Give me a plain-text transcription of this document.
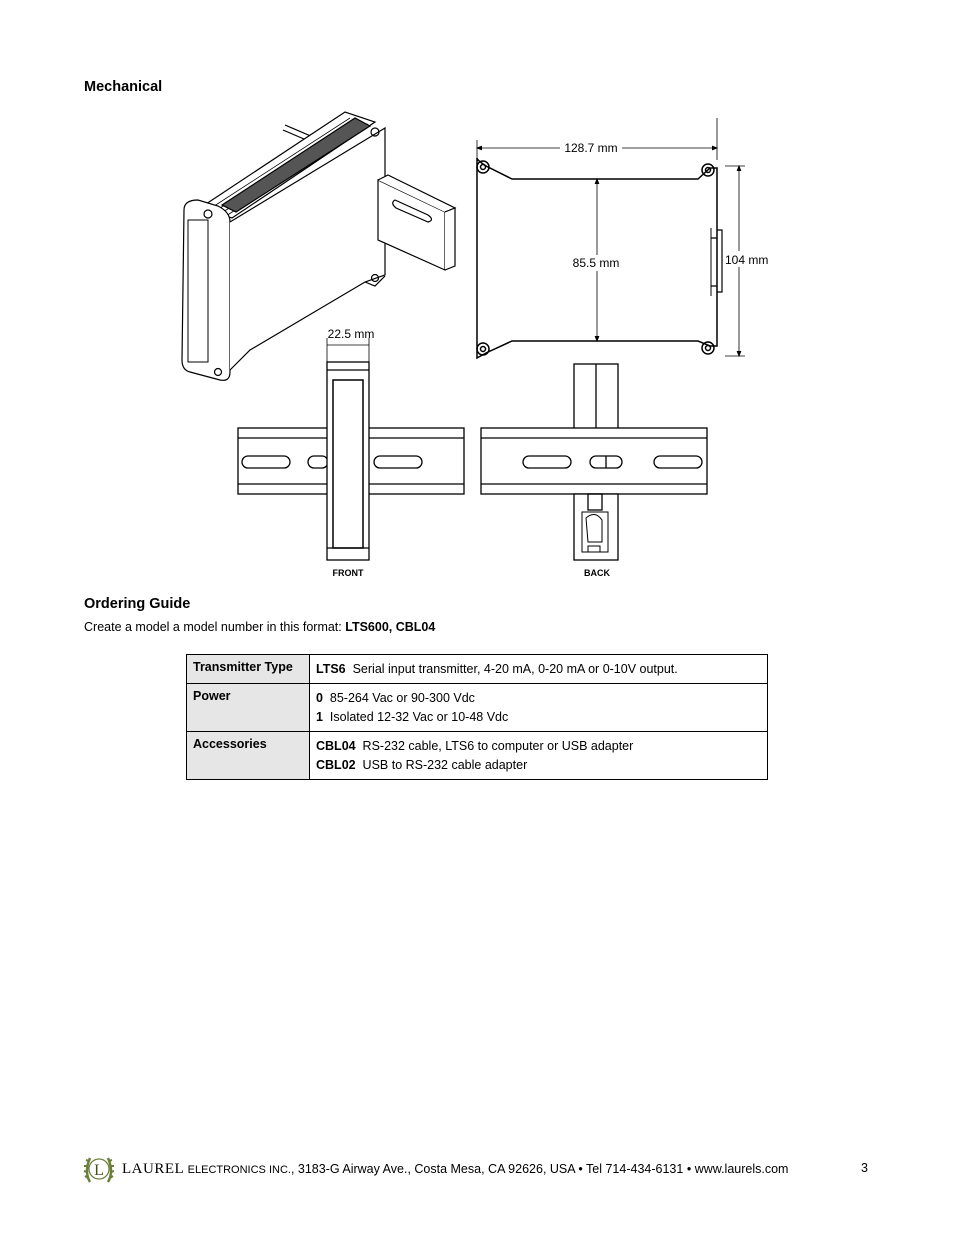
Mechanical
128.7 mm
85.5 mm	104 mm
22.5 mm
FRONT	BACK
Ordering Guide
Create a model a model number in this format: LTS600, CBL04
Transmitter Type	LTS6 Serial input transmitter, 4-20 mA, 0-20 mA or 0-10V output.

Power	0 85-264 Vac or 90-300 Vdc
1 Isolated 12-32 Vac or 10-48 Vdc

Accessories	CBL04 RS-232 cable, LTS6 to computer or USB adapter
CBL02 USB to RS-232 cable adapter
L LAUREL ELECTRONICS INC., 3183-G Airway Ave., Costa Mesa, CA 92626, USA • Tel 714-434-6131 • www.laurels.com	3
